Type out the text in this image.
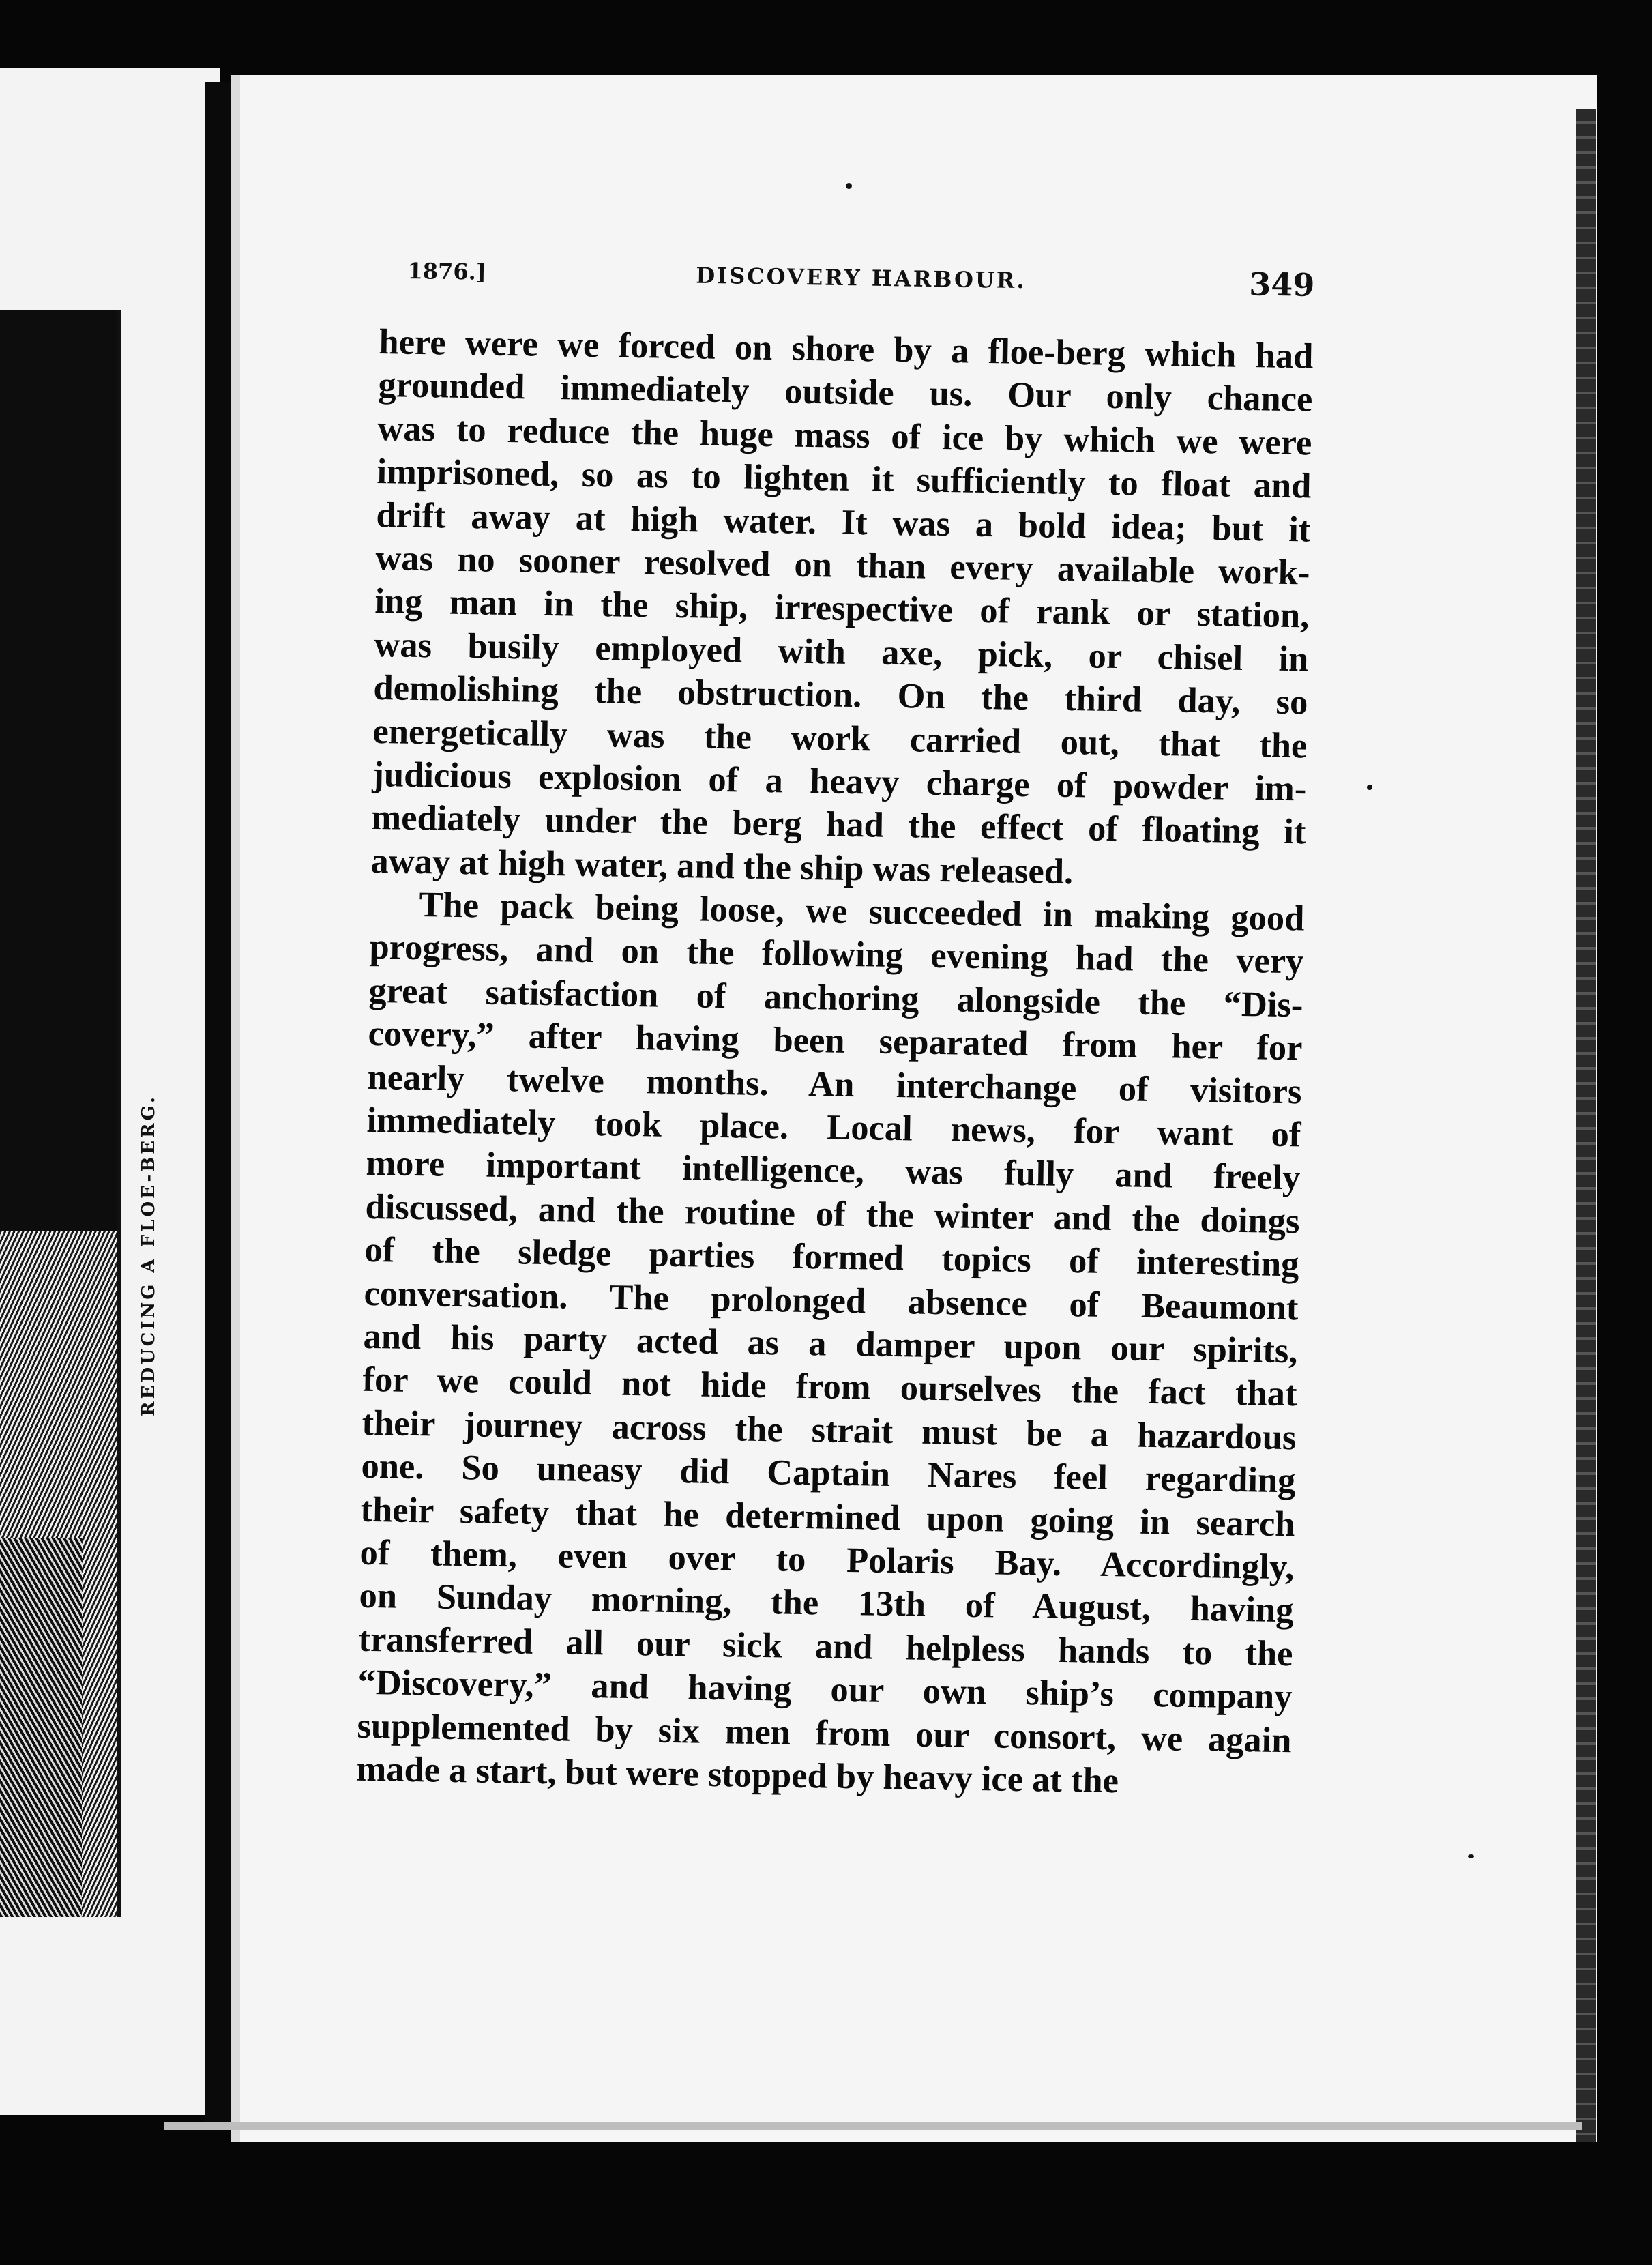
REDUCING A FLOE-BERG.
1876.]	DISCOVERY HARBOUR.	349
here were we forced on shore by a floe-berg which had
grounded immediately outside us. Our only chance
was to reduce the huge mass of ice by which we were
imprisoned, so as to lighten it sufficiently to float and
drift away at high water. It was a bold idea; but it
was no sooner resolved on than every available work-
ing man in the ship, irrespective of rank or station,
was busily employed with axe, pick, or chisel in
demolishing the obstruction. On the third day, so
energetically was the work carried out, that the
judicious explosion of a heavy charge of powder im-
mediately under the berg had the effect of floating it
away at high water, and the ship was released.
The pack being loose, we succeeded in making good
progress, and on the following evening had the very
great satisfaction of anchoring alongside the “Dis-
covery,” after having been separated from her for
nearly twelve months. An interchange of visitors
immediately took place. Local news, for want of
more important intelligence, was fully and freely
discussed, and the routine of the winter and the doings
of the sledge parties formed topics of interesting
conversation. The prolonged absence of Beaumont
and his party acted as a damper upon our spirits,
for we could not hide from ourselves the fact that
their journey across the strait must be a hazardous
one. So uneasy did Captain Nares feel regarding
their safety that he determined upon going in search
of them, even over to Polaris Bay. Accordingly,
on Sunday morning, the 13th of August, having
transferred all our sick and helpless hands to the
“Discovery,” and having our own ship’s company
supplemented by six men from our consort, we again
made a start, but were stopped by heavy ice at the
